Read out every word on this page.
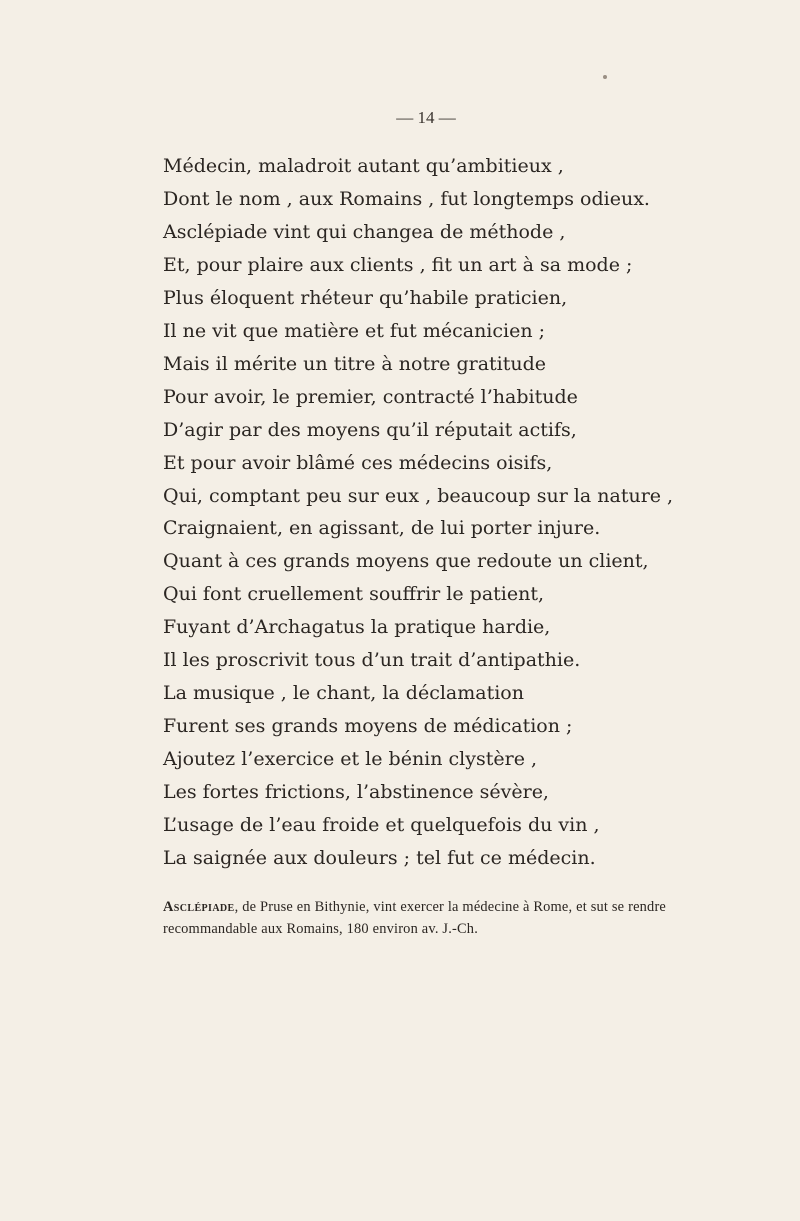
— 14 —
Médecin, maladroit autant qu’ambitieux ,
Dont le nom , aux Romains , fut longtemps odieux.
Asclépiade vint qui changea de méthode ,
Et, pour plaire aux clients , fit un art à sa mode ;
Plus éloquent rhéteur qu’habile praticien,
Il ne vit que matière et fut mécanicien ;
Mais il mérite un titre à notre gratitude
Pour avoir, le premier, contracté l’habitude
D’agir par des moyens qu’il réputait actifs,
Et pour avoir blâmé ces médecins oisifs,
Qui, comptant peu sur eux , beaucoup sur la nature ,
Craignaient, en agissant, de lui porter injure.
Quant à ces grands moyens que redoute un client,
Qui font cruellement souffrir le patient,
Fuyant d’Archagatus la pratique hardie,
Il les proscrivit tous d’un trait d’antipathie.
La musique , le chant, la déclamation
Furent ses grands moyens de médication ;
Ajoutez l’exercice et le bénin clystère ,
Les fortes frictions, l’abstinence sévère,
L’usage de l’eau froide et quelquefois du vin ,
La saignée aux douleurs ; tel fut ce médecin.
Asclépiade, de Pruse en Bithynie, vint exercer la médecine à Rome, et sut se rendre recommandable aux Romains, 180 environ av. J.-Ch.
